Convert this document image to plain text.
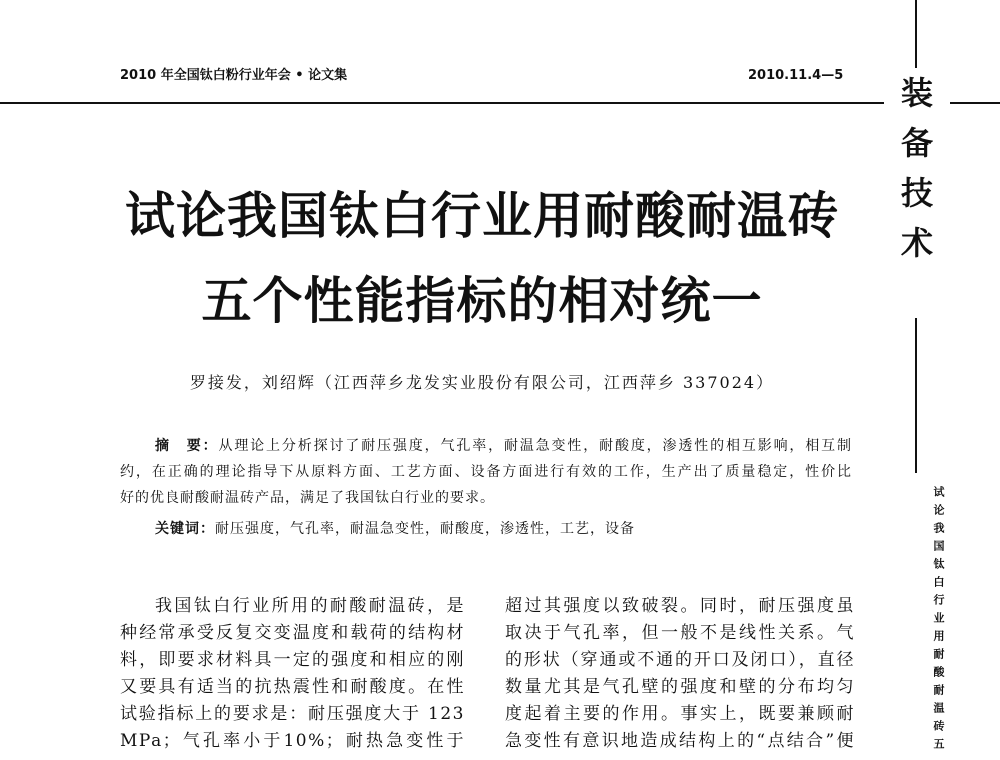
2010 年全国钛白粉行业年会 • 论文集	2010.11.4—5
装备技术
试论我国钛白行业用耐酸耐温砖五
试论我国钛白行业用耐酸耐温砖
五个性能指标的相对统一
罗接发，刘绍辉（江西萍乡龙发实业股份有限公司，江西萍乡 337024）
摘　要：从理论上分析探讨了耐压强度，气孔率，耐温急变性，耐酸度，渗透性的相互影响，相互制
约，在正确的理论指导下从原料方面、工艺方面、设备方面进行有效的工作，生产出了质量稳定，性价比
好的优良耐酸耐温砖产品，满足了我国钛白行业的要求。
关键词：耐压强度，气孔率，耐温急变性，耐酸度，渗透性，工艺，设备
我国钛白行业所用的耐酸耐温砖，是
种经常承受反复交变温度和载荷的结构材
料，即要求材料具一定的强度和相应的刚
又要具有适当的抗热震性和耐酸度。在性
试验指标上的要求是：耐压强度大于 123
MPa；气孔率小于10%；耐热急变性于
超过其强度以致破裂。同时，耐压强度虽
取决于气孔率，但一般不是线性关系。气
的形状（穿通或不通的开口及闭口），直径
数量尤其是气孔壁的强度和壁的分布均匀
度起着主要的作用。事实上，既要兼顾耐
急变性有意识地造成结构上的“点结合”便
